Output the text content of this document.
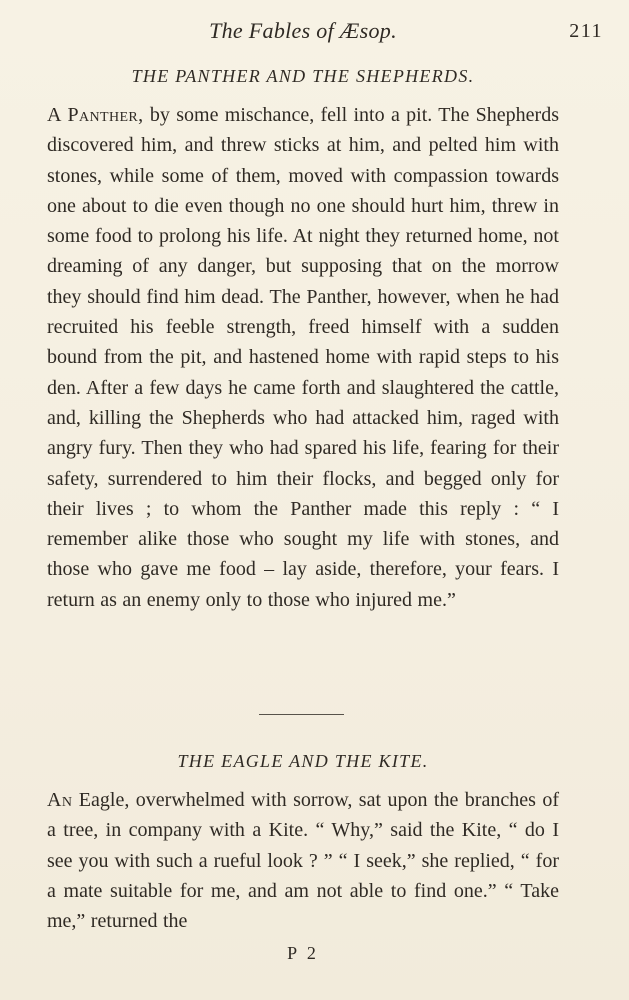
The Fables of Æsop.	211
THE PANTHER AND THE SHEPHERDS.
A Panther, by some mischance, fell into a pit. The Shepherds discovered him, and threw sticks at him, and pelted him with stones, while some of them, moved with compassion towards one about to die even though no one should hurt him, threw in some food to prolong his life. At night they returned home, not dreaming of any danger, but supposing that on the morrow they should find him dead. The Panther, however, when he had recruited his feeble strength, freed himself with a sudden bound from the pit, and hastened home with rapid steps to his den. After a few days he came forth and slaughtered the cattle, and, killing the Shepherds who had attacked him, raged with angry fury. Then they who had spared his life, fearing for their safety, surrendered to him their flocks, and begged only for their lives ; to whom the Panther made this reply : “ I remember alike those who sought my life with stones, and those who gave me food – lay aside, therefore, your fears. I return as an enemy only to those who injured me.”
THE EAGLE AND THE KITE.
An Eagle, overwhelmed with sorrow, sat upon the branches of a tree, in company with a Kite. “ Why,” said the Kite, “ do I see you with such a rueful look ? ” “ I seek,” she replied, “ for a mate suitable for me, and am not able to find one.” “ Take me,” returned the
P 2
